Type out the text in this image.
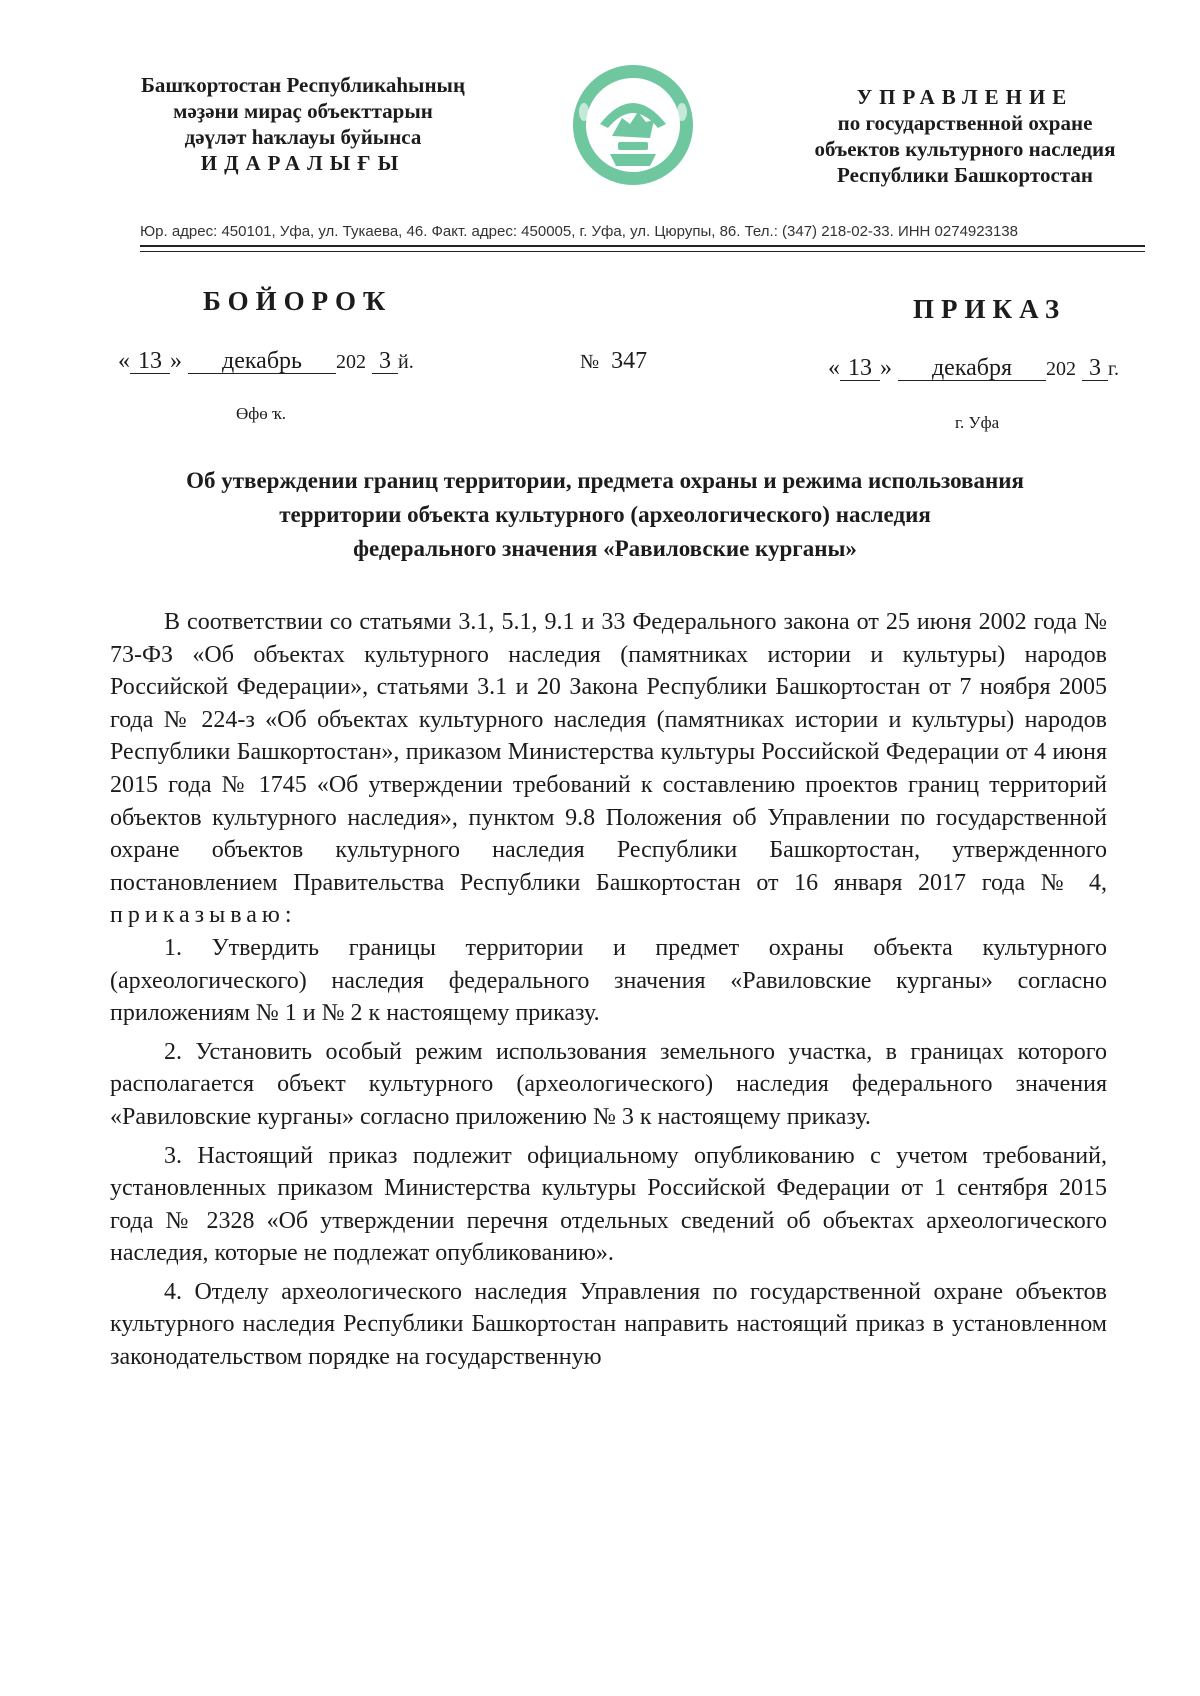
Башҡортостан Республикаһының
мәҙәни мираҫ объекттарын
дәүләт һаҡлауы буйынса
ИДАРАЛЫҒЫ
УПРАВЛЕНИЕ
по государственной охране
объектов культурного наследия
Республики Башкортостан
Юр. адрес: 450101, Уфа, ул. Тукаева, 46. Факт. адрес: 450005, г. Уфа, ул. Цюрупы, 86. Тел.: (347) 218-02-33. ИНН 0274923138
БОЙОРОҠ	ПРИКАЗ
« 13 » декабрь 202 3 й.	№ 347	« 13 » декабря 202 3 г.
Өфө ҡ.	г. Уфа
Об утверждении границ территории, предмета охраны и режима использования
территории объекта культурного (археологического) наследия
федерального значения «Равиловские курганы»

В соответствии со статьями 3.1, 5.1, 9.1 и 33 Федерального закона от 25 июня 2002 года № 73-ФЗ «Об объектах культурного наследия (памятниках истории и культуры) народов Российской Федерации», статьями 3.1 и 20 Закона Республики Башкортостан от 7 ноября 2005 года № 224-з «Об объектах культурного наследия (памятниках истории и культуры) народов Республики Башкортостан», приказом Министерства культуры Российской Федерации от 4 июня 2015 года № 1745 «Об утверждении требований к составлению проектов границ территорий объектов культурного наследия», пунктом 9.8 Положения об Управлении по государственной охране объектов культурного наследия Республики Башкортостан, утвержденного постановлением Правительства Республики Башкортостан от 16 января 2017 года № 4, приказываю:

1. Утвердить границы территории и предмет охраны объекта культурного (археологического) наследия федерального значения «Равиловские курганы» согласно приложениям № 1 и № 2 к настоящему приказу.

2. Установить особый режим использования земельного участка, в границах которого располагается объект культурного (археологического) наследия федерального значения «Равиловские курганы» согласно приложению № 3 к настоящему приказу.

3. Настоящий приказ подлежит официальному опубликованию с учетом требований, установленных приказом Министерства культуры Российской Федерации от 1 сентября 2015 года № 2328 «Об утверждении перечня отдельных сведений об объектах археологического наследия, которые не подлежат опубликованию».

4. Отделу археологического наследия Управления по государственной охране объектов культурного наследия Республики Башкортостан направить настоящий приказ в установленном законодательством порядке на государственную
